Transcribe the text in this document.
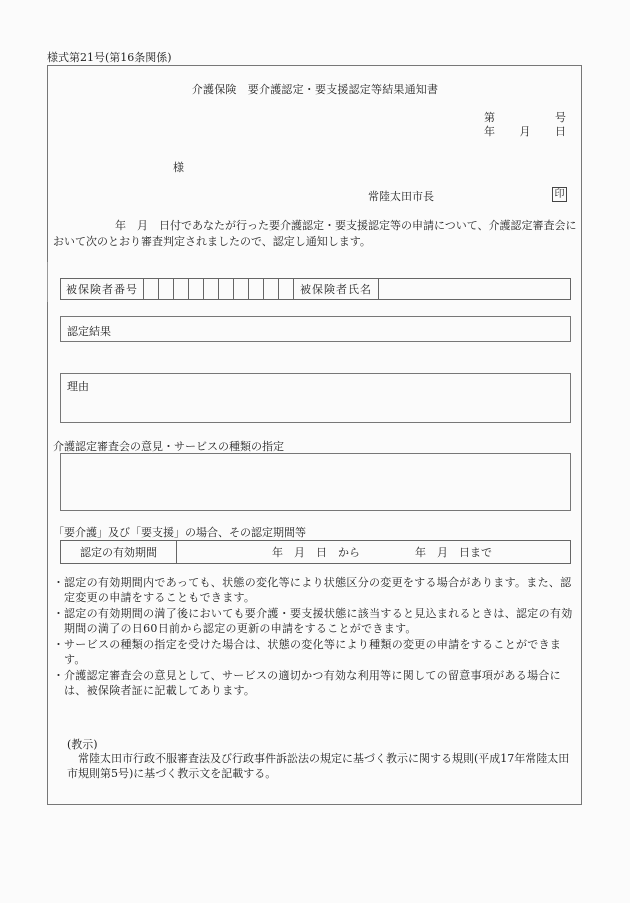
様式第21号(第16条関係)
介護保険　要介護認定・要支援認定等結果通知書
第	号
年 月 日
様
常陸太田市長	印
年　月　日付であなたが行った要介護認定・要支援認定等の申請について、介護認定審査会において次のとおり審査判定されましたので、認定し通知します。
被保険者番号											被保険者氏名	
認定結果
理由
介護認定審査会の意見・サービスの種類の指定
「要介護」及び「要支援」の場合、その認定期間等
認定の有効期間	年　月　日　から　　　　　年　月　日まで
・ 認定の有効期間内であっても、状態の変化等により状態区分の変更をする場合があります。また、認定変更の申請をすることもできます。
・ 認定の有効期間の満了後においても要介護・要支援状態に該当すると見込まれるときは、認定の有効期間の満了の日60日前から認定の更新の申請をすることができます。
・ サービスの種類の指定を受けた場合は、状態の変化等により種類の変更の申請をすることができます。
・ 介護認定審査会の意見として、サービスの適切かつ有効な利用等に関しての留意事項がある場合には、被保険者証に記載してあります。
(教示)
常陸太田市行政不服審査法及び行政事件訴訟法の規定に基づく教示に関する規則(平成17年常陸太田市規則第5号)に基づく教示文を記載する。
